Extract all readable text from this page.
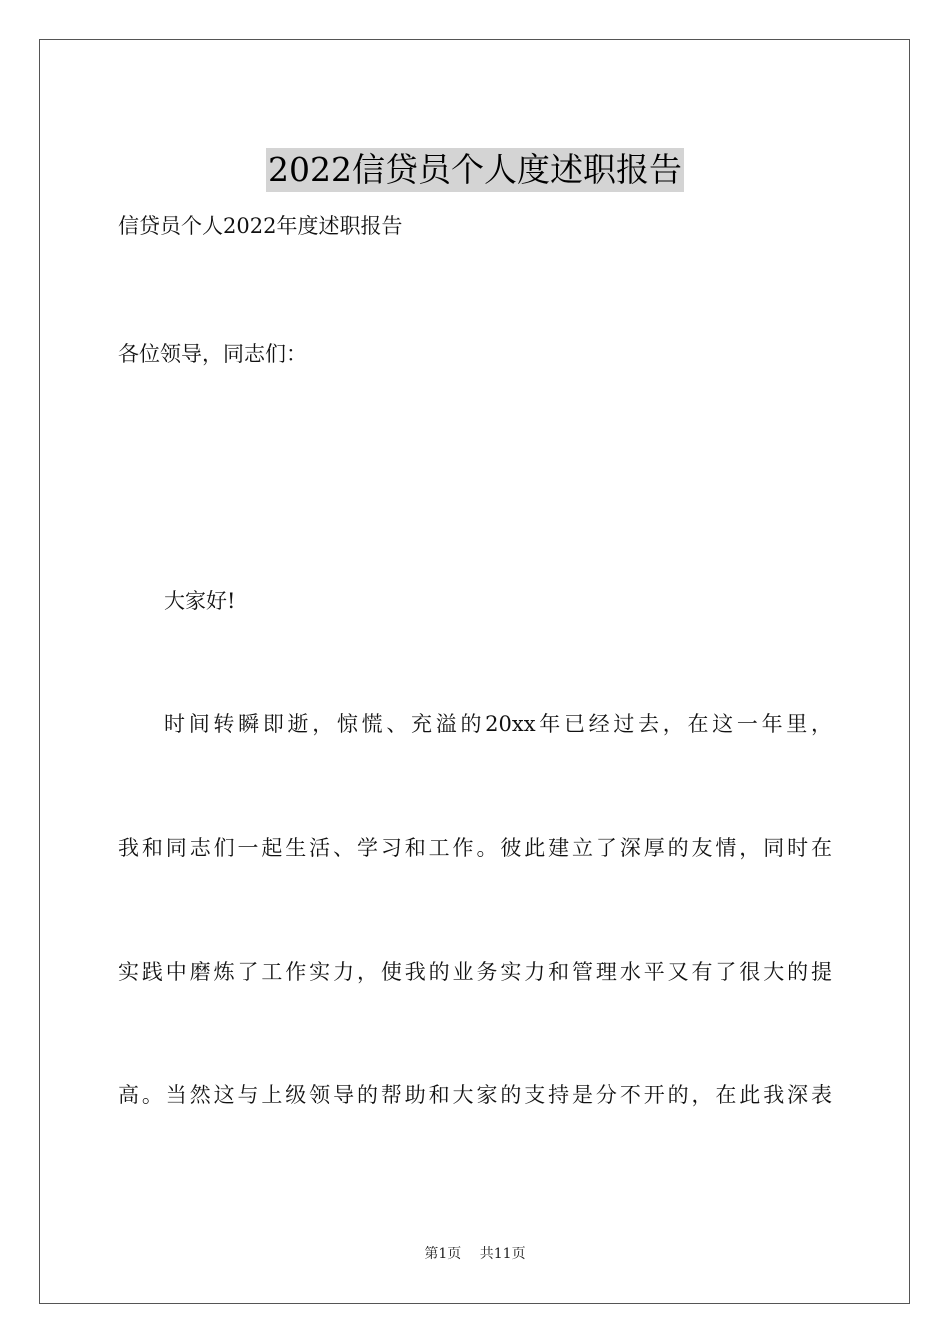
2022信贷员个人度述职报告
信贷员个人2022年度述职报告
各位领导，同志们：
大家好!
时间转瞬即逝，惊慌、充溢的20xx年已经过去，在这一年里，
我和同志们一起生活、学习和工作。彼此建立了深厚的友情，同时在
实践中磨炼了工作实力，使我的业务实力和管理水平又有了很大的提
高。当然这与上级领导的帮助和大家的支持是分不开的，在此我深表
第1页 共11页
